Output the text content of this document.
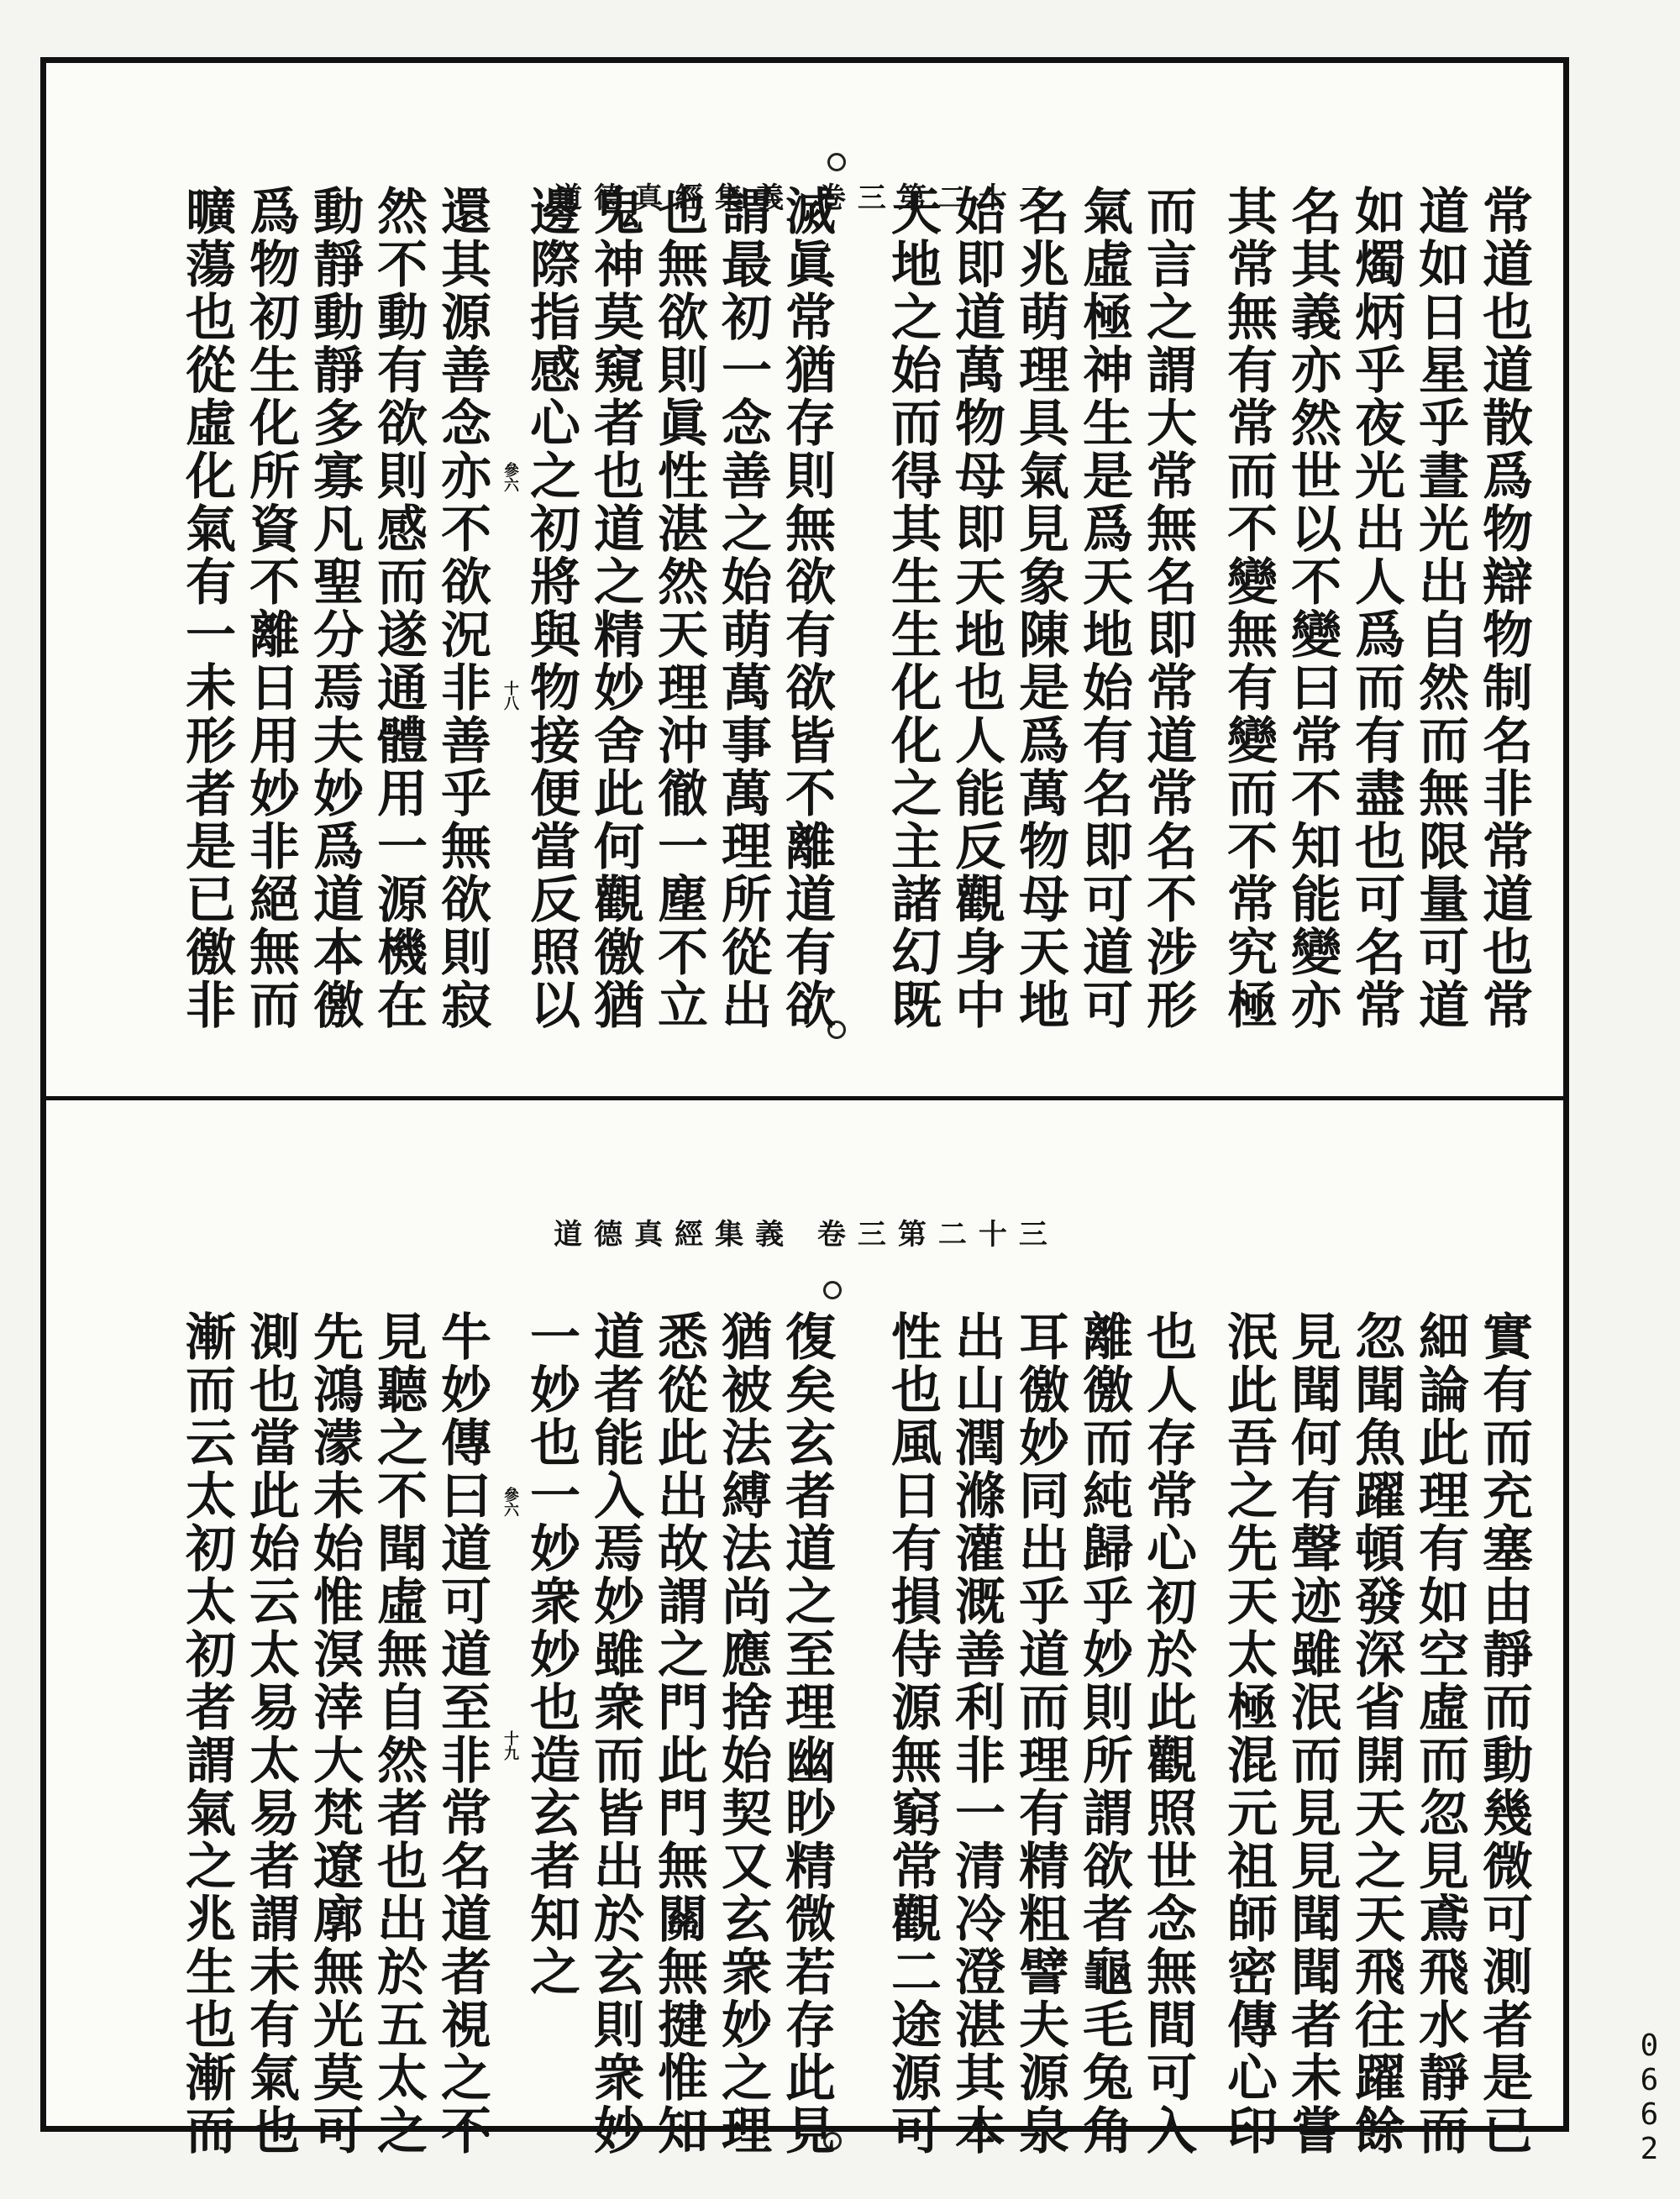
道德真經集義 卷三第二十二	常道也道散爲物辯物制名非常道也常
道如日星乎晝光出自然而無限量可道
如燭炳乎夜光出人爲而有盡也可名常
名其義亦然世以不變曰常不知能變亦
其常無有常而不變無有變而不常究極
而言之謂大常無名即常道常名不涉形
氣虛極神生是爲天地始有名即可道可
名兆萌理具氣見象陳是爲萬物母天地
始即道萬物母即天地也人能反觀身中
天地之始而得其生生化化之主諸幻既
滅眞常猶存則無欲有欲皆不離道有欲
謂最初一念善之始萌萬事萬理所從出
也無欲則眞性湛然天理沖徹一塵不立
鬼神莫窺者也道之精妙舍此何觀徼猶
邊際指感心之初將與物接便當反照以
還其源善念亦不欲況非善乎無欲則寂
然不動有欲則感而遂通體用一源機在
動靜動靜多寡凡聖分焉夫妙爲道本徼
爲物初生化所資不離日用妙非絕無而
曠蕩也從虛化氣有一未形者是已徼非	參六
十八
道德真經集義 卷三第二十三
實有而充塞由靜而動幾微可測者是已
細論此理有如空虛而忽見鳶飛水靜而
忽聞魚躍頓發深省開天之天飛往躍餘
見聞何有聲迹雖泯而見見聞聞者未嘗
泯此吾之先天太極混元祖師密傳心印
也人存常心初於此觀照世念無間可入
離徼而純歸乎妙則所謂欲者龜毛兔角
耳徼妙同出乎道而理有精粗譬夫源泉
出山潤滌灌溉善利非一清冷澄湛其本
性也風日有損侍源無窮常觀二途源可
復矣玄者道之至理幽眇精微若存此見
猶被法縛法尚應捨始契又玄衆妙之理
悉從此出故謂之門此門無關無揵惟知
道者能入焉妙雖衆而皆出於玄則衆妙
一妙也一妙衆妙也造玄者知之
牛妙傳曰道可道至非常名道者視之不
見聽之不聞虛無自然者也出於五太之
先鴻濛未始惟溟涬大梵遼廓無光莫可
測也當此始云太易太易者謂未有氣也
漸而云太初太初者謂氣之兆生也漸而	參六
十九
0662
